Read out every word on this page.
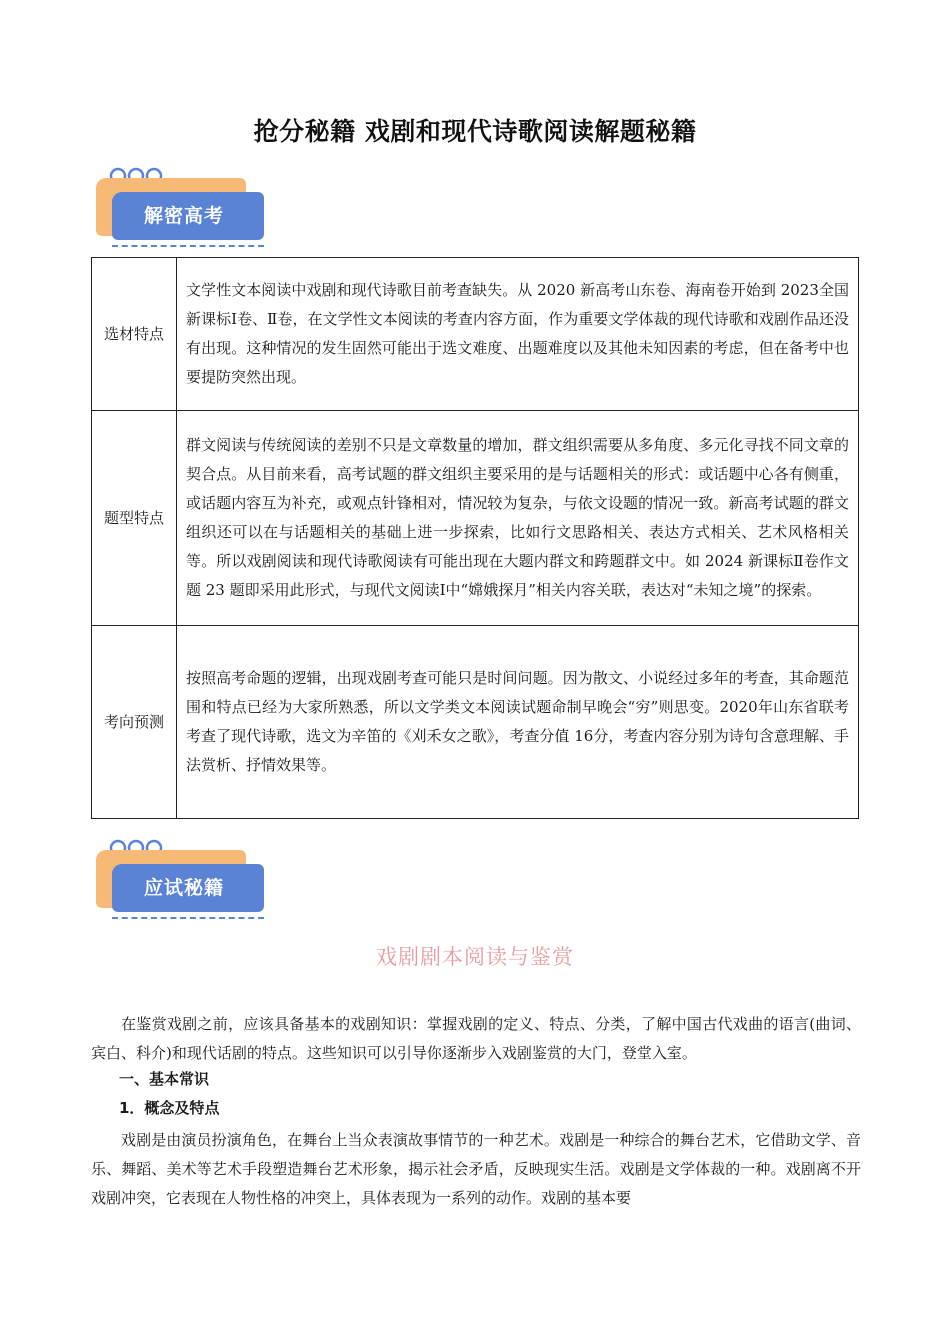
抢分秘籍 戏剧和现代诗歌阅读解题秘籍
解密高考
选材特点	文学性文本阅读中戏剧和现代诗歌目前考查缺失。从 2020 新高考山东卷、海南卷开始到 2023全国新课标Ⅰ卷、Ⅱ卷，在文学性文本阅读的考查内容方面，作为重要文学体裁的现代诗歌和戏剧作品还没有出现。这种情况的发生固然可能出于选文难度、出题难度以及其他未知因素的考虑，但在备考中也要提防突然出现。
题型特点	群文阅读与传统阅读的差别不只是文章数量的增加，群文组织需要从多角度、多元化寻找不同文章的契合点。从目前来看，高考试题的群文组织主要采用的是与话题相关的形式：或话题中心各有侧重，或话题内容互为补充，或观点针锋相对，情况较为复杂，与依文设题的情况一致。新高考试题的群文组织还可以在与话题相关的基础上进一步探索，比如行文思路相关、表达方式相关、艺术风格相关等。所以戏剧阅读和现代诗歌阅读有可能出现在大题内群文和跨题群文中。如 2024 新课标Ⅱ卷作文题 23 题即采用此形式，与现代文阅读Ⅰ中“嫦娥探月”相关内容关联，表达对“未知之境”的探索。
考向预测	按照高考命题的逻辑，出现戏剧考查可能只是时间问题。因为散文、小说经过多年的考查，其命题范围和特点已经为大家所熟悉，所以文学类文本阅读试题命制早晚会“穷”则思变。2020年山东省联考考查了现代诗歌，选文为辛笛的《刈禾女之歌》，考查分值 16分，考查内容分别为诗句含意理解、手法赏析、抒情效果等。
应试秘籍
戏剧剧本阅读与鉴赏
在鉴赏戏剧之前，应该具备基本的戏剧知识：掌握戏剧的定义、特点、分类，了解中国古代戏曲的语言(曲词、宾白、科介)和现代话剧的特点。这些知识可以引导你逐渐步入戏剧鉴赏的大门，登堂入室。
一、基本常识
1．概念及特点
戏剧是由演员扮演角色，在舞台上当众表演故事情节的一种艺术。戏剧是一种综合的舞台艺术，它借助文学、音乐、舞蹈、美术等艺术手段塑造舞台艺术形象，揭示社会矛盾，反映现实生活。戏剧是文学体裁的一种。戏剧离不开戏剧冲突，它表现在人物性格的冲突上，具体表现为一系列的动作。戏剧的基本要
